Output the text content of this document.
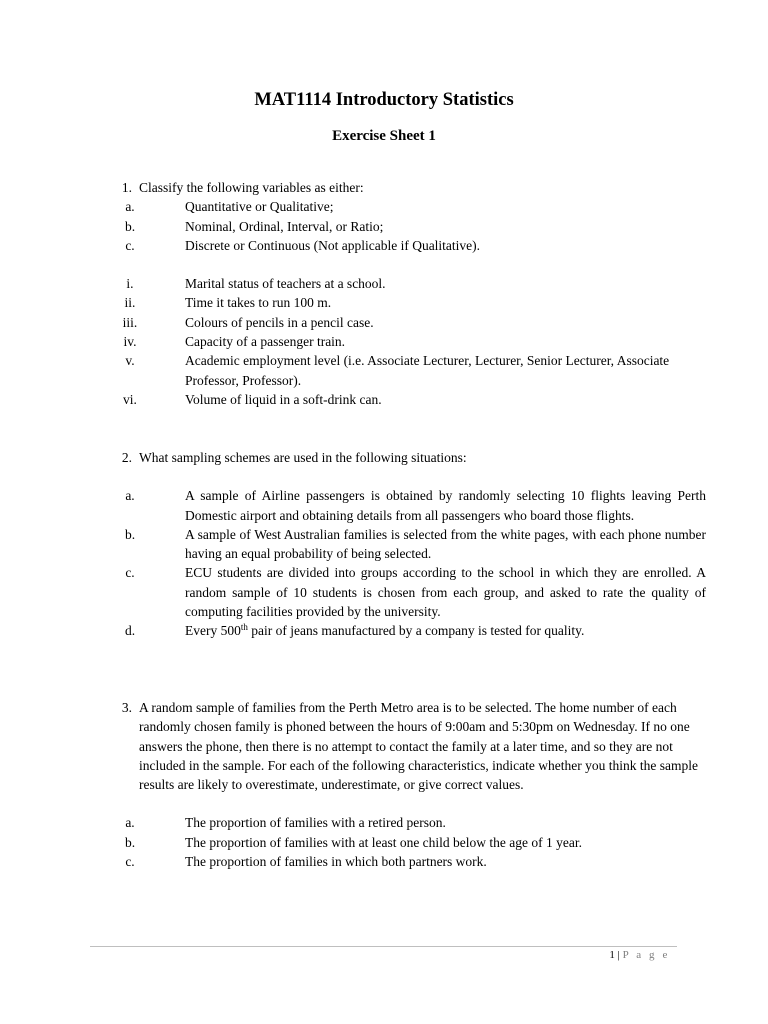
MAT1114 Introductory Statistics
Exercise Sheet 1
1. Classify the following variables as either:
a.	Quantitative or Qualitative;
b.	Nominal, Ordinal, Interval, or Ratio;
c.	Discrete or Continuous (Not applicable if Qualitative).
i.	Marital status of teachers at a school.
ii.	Time it takes to run 100 m.
iii.	Colours of pencils in a pencil case.
iv.	Capacity of a passenger train.
v.	Academic employment level (i.e. Associate Lecturer, Lecturer, Senior Lecturer, Associate Professor, Professor).
vi.	Volume of liquid in a soft-drink can.
2. What sampling schemes are used in the following situations:
a.	A sample of Airline passengers is obtained by randomly selecting 10 flights leaving Perth Domestic airport and obtaining details from all passengers who board those flights.
b.	A sample of West Australian families is selected from the white pages, with each phone number having an equal probability of being selected.
c.	ECU students are divided into groups according to the school in which they are enrolled. A random sample of 10 students is chosen from each group, and asked to rate the quality of computing facilities provided by the university.
d.	Every 500th pair of jeans manufactured by a company is tested for quality.
3. A random sample of families from the Perth Metro area is to be selected. The home number of each randomly chosen family is phoned between the hours of 9:00am and 5:30pm on Wednesday. If no one answers the phone, then there is no attempt to contact the family at a later time, and so they are not included in the sample. For each of the following characteristics, indicate whether you think the sample results are likely to overestimate, underestimate, or give correct values.
a.	The proportion of families with a retired person.
b.	The proportion of families with at least one child below the age of 1 year.
c.	The proportion of families in which both partners work.
1 | P a g e
